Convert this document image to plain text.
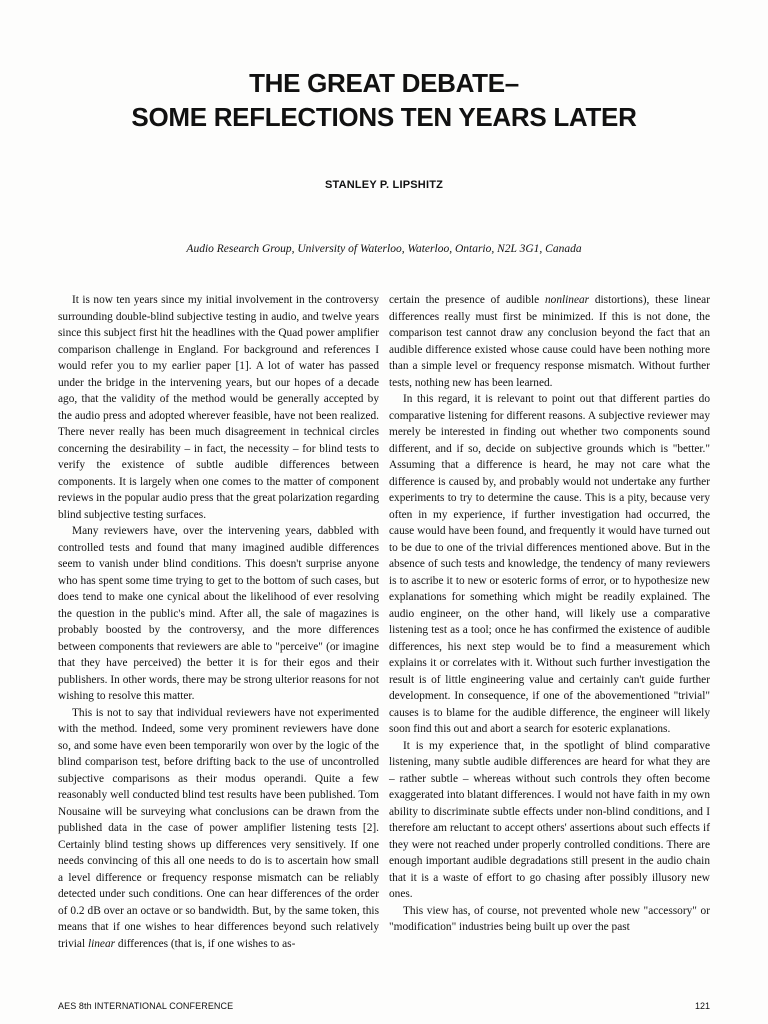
THE GREAT DEBATE–
SOME REFLECTIONS TEN YEARS LATER
STANLEY P. LIPSHITZ
Audio Research Group, University of Waterloo, Waterloo, Ontario, N2L 3G1, Canada

It is now ten years since my initial involvement in the controversy surrounding double-blind subjective testing in audio, and twelve years since this subject first hit the headlines with the Quad power amplifier comparison challenge in England. For background and references I would refer you to my earlier paper [1]. A lot of water has passed under the bridge in the intervening years, but our hopes of a decade ago, that the validity of the method would be generally accepted by the audio press and adopted wherever feasible, have not been realized. There never really has been much disagreement in technical circles concerning the desirability – in fact, the necessity – for blind tests to verify the existence of subtle audible differences between components. It is largely when one comes to the matter of component reviews in the popular audio press that the great polarization regarding blind subjective testing surfaces.

Many reviewers have, over the intervening years, dabbled with controlled tests and found that many imagined audible differences seem to vanish under blind conditions. This doesn't surprise anyone who has spent some time trying to get to the bottom of such cases, but does tend to make one cynical about the likelihood of ever resolving the question in the public's mind. After all, the sale of magazines is probably boosted by the controversy, and the more differences between components that reviewers are able to "perceive" (or imagine that they have perceived) the better it is for their egos and their publishers. In other words, there may be strong ulterior reasons for not wishing to resolve this matter.

This is not to say that individual reviewers have not experimented with the method. Indeed, some very prominent reviewers have done so, and some have even been temporarily won over by the logic of the blind comparison test, before drifting back to the use of uncontrolled subjective comparisons as their modus operandi. Quite a few reasonably well conducted blind test results have been published. Tom Nousaine will be surveying what conclusions can be drawn from the published data in the case of power amplifier listening tests [2]. Certainly blind testing shows up differences very sensitively. If one needs convincing of this all one needs to do is to ascertain how small a level difference or frequency response mismatch can be reliably detected under such conditions. One can hear differences of the order of 0.2 dB over an octave or so bandwidth. But, by the same token, this means that if one wishes to hear differences beyond such relatively trivial linear differences (that is, if one wishes to as-

certain the presence of audible nonlinear distortions), these linear differences really must first be minimized. If this is not done, the comparison test cannot draw any conclusion beyond the fact that an audible difference existed whose cause could have been nothing more than a simple level or frequency response mismatch. Without further tests, nothing new has been learned.

In this regard, it is relevant to point out that different parties do comparative listening for different reasons. A subjective reviewer may merely be interested in finding out whether two components sound different, and if so, decide on subjective grounds which is "better." Assuming that a difference is heard, he may not care what the difference is caused by, and probably would not undertake any further experiments to try to determine the cause. This is a pity, because very often in my experience, if further investigation had occurred, the cause would have been found, and frequently it would have turned out to be due to one of the trivial differences mentioned above. But in the absence of such tests and knowledge, the tendency of many reviewers is to ascribe it to new or esoteric forms of error, or to hypothesize new explanations for something which might be readily explained. The audio engineer, on the other hand, will likely use a comparative listening test as a tool; once he has confirmed the existence of audible differences, his next step would be to find a measurement which explains it or correlates with it. Without such further investigation the result is of little engineering value and certainly can't guide further development. In consequence, if one of the abovementioned "trivial" causes is to blame for the audible difference, the engineer will likely soon find this out and abort a search for esoteric explanations.

It is my experience that, in the spotlight of blind comparative listening, many subtle audible differences are heard for what they are – rather subtle – whereas without such controls they often become exaggerated into blatant differences. I would not have faith in my own ability to discriminate subtle effects under non-blind conditions, and I therefore am reluctant to accept others' assertions about such effects if they were not reached under properly controlled conditions. There are enough important audible degradations still present in the audio chain that it is a waste of effort to go chasing after possibly illusory new ones.

This view has, of course, not prevented whole new "accessory" or "modification" industries being built up over the past

AES 8th INTERNATIONAL CONFERENCE	121
